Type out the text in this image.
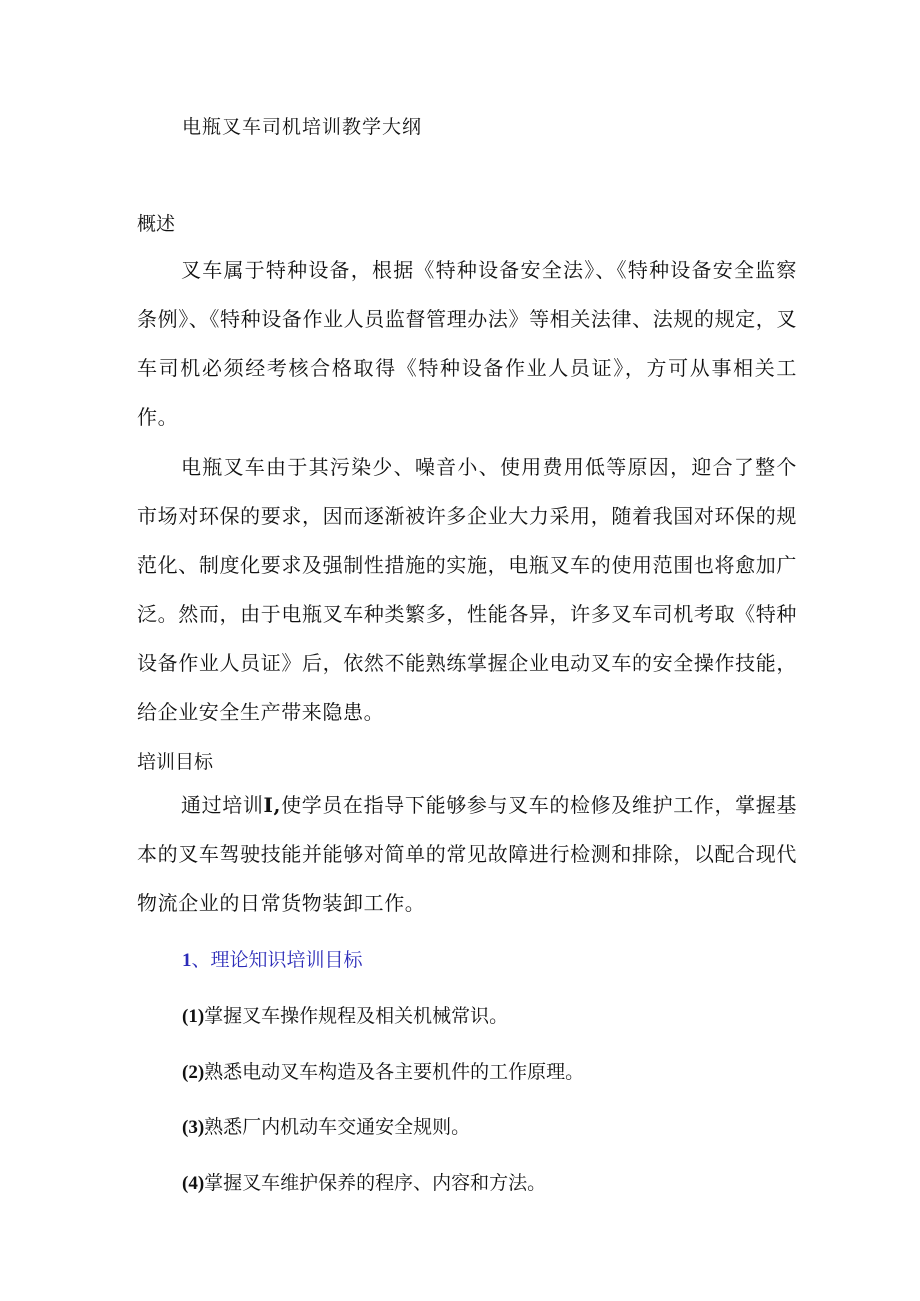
电瓶叉车司机培训教学大纲
概述

叉车属于特种设备，根据《特种设备安全法》、《特种设备安全监察条例》、《特种设备作业人员监督管理办法》等相关法律、法规的规定，叉车司机必须经考核合格取得《特种设备作业人员证》，方可从事相关工作。

电瓶叉车由于其污染少、噪音小、使用费用低等原因，迎合了整个市场对环保的要求，因而逐渐被许多企业大力采用，随着我国对环保的规范化、制度化要求及强制性措施的实施，电瓶叉车的使用范围也将愈加广泛。然而，由于电瓶叉车种类繁多，性能各异，许多叉车司机考取《特种设备作业人员证》后，依然不能熟练掌握企业电动叉车的安全操作技能，给企业安全生产带来隐患。

培训目标

通过培训I,使学员在指导下能够参与叉车的检修及维护工作，掌握基本的叉车驾驶技能并能够对简单的常见故障进行检测和排除，以配合现代物流企业的日常货物装卸工作。

1、理论知识培训目标
(1)掌握叉车操作规程及相关机械常识。
(2)熟悉电动叉车构造及各主要机件的工作原理。
(3)熟悉厂内机动车交通安全规则。
(4)掌握叉车维护保养的程序、内容和方法。
